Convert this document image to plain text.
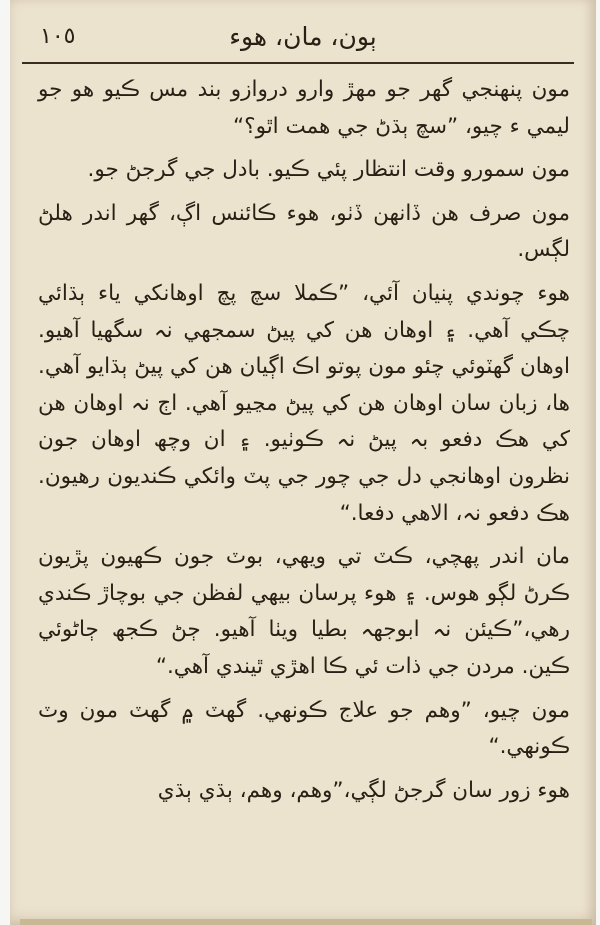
ٻون، مان، ھوء
١٠٥

مون پنھنجي گھر جو مھڙ وارو دروازو بند مس ڪيو ھو جو ليمي ء چيو، ”سچ ٻڌڻ جي ھمت اٿو؟“

مون سمورو وقت انتظار پئي ڪيو. بادل جي گرجڻ جو.

مون صرف ھن ڏانھن ڏٺو، ھوء ڪائنس اڳ، گھر اندر ھلڻ لڳس.

ھوء چوندي پنيان آئي، ”ڪملا سچ پچ اوھانکي ياء ٻڌائي چڪي آھي. ۽ اوھان ھن کي پيڻ سمجھي نہ سگھيا آھيو. اوھان گھٽوئي چئو مون پوتو اڪ اڳيان ھن کي پيڻ ٻڌايو آھي. ھا، زبان سان اوھان ھن کي پيڻ مڃيو آھي. اڄ نہ اوھان ھن کي ھڪ دفعو بہ پيڻ نہ ڪوٺيو. ۽ ان وچھ اوھان جون نظرون اوھانجي دل جي چور جي پٽ وائکي ڪنديون رھيون. ھڪ دفعو نہ، الاھي دفعا.“

مان اندر پھچي، ڪٽ تي ويھي، بوٽ جون ڪھيون پڙيون ڪرڻ لڳو ھوس. ۽ ھوء پرسان بيھي لفظن جي بوچاڙ ڪندي رھي،”ڪيئن نہ ابوجھہ بطيا ويٺا آھيو. ڄڻ ڪجھ ڄاڻوئي ڪين. مردن جي ذات ئي ڪا اھڙي ٿيندي آھي.“

مون چيو، ”وھم جو علاج ڪونھي. گھٽ ۾ گھٽ مون وٽ ڪونھي.“

ھوء زور سان گرجڻ لڳي،”وھم، وھم، ٻڌي ٻڌي
